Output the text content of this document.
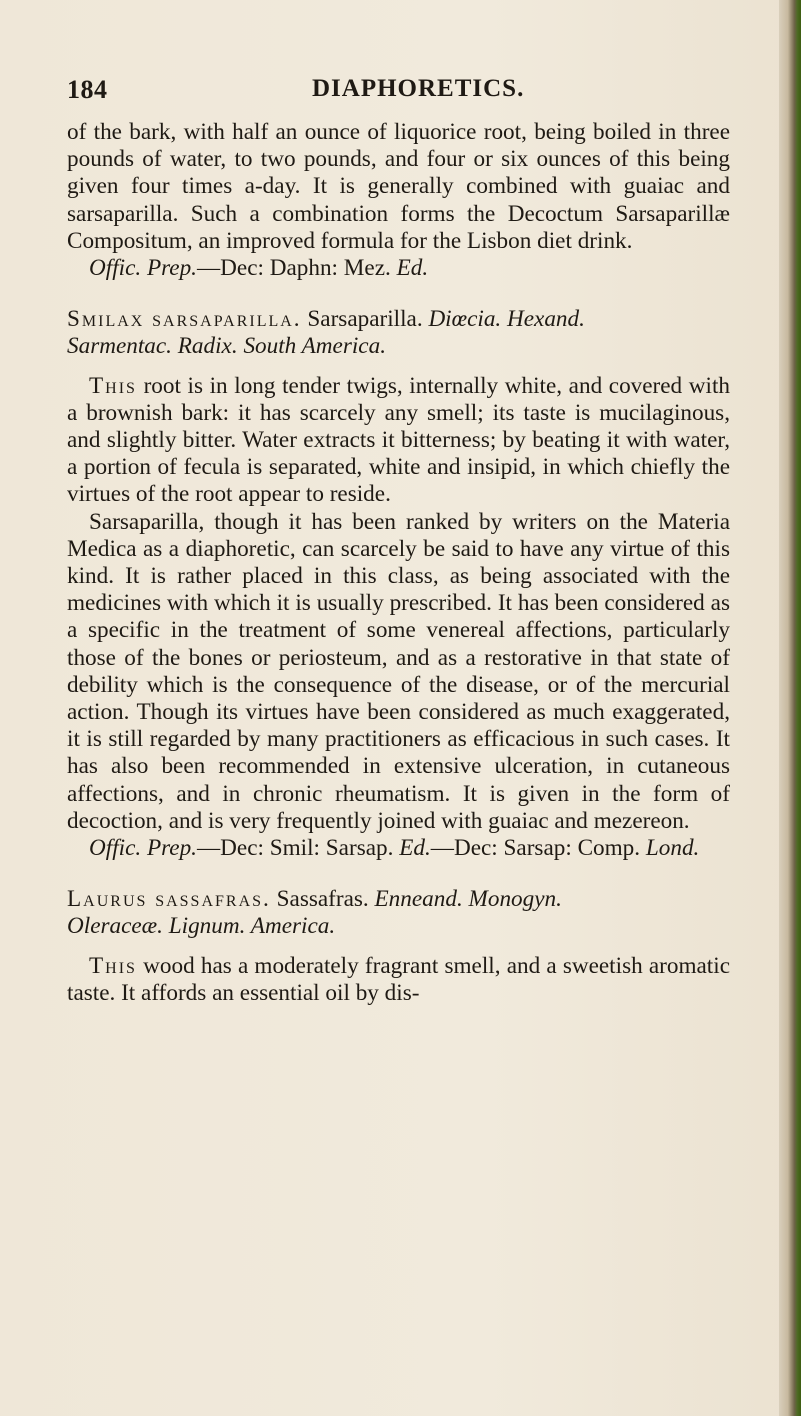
184	DIAPHORETICS.

of the bark, with half an ounce of liquorice root, being boiled in three pounds of water, to two pounds, and four or six ounces of this being given four times a-day. It is generally combined with guaiac and sarsaparilla. Such a combination forms the Decoctum Sarsaparillæ Compositum, an improved formula for the Lisbon diet drink.

Offic. Prep.—Dec: Daphn: Mez. Ed.

Smilax sarsaparilla. Sarsaparilla. Diœcia. Hexand.

Sarmentac. Radix. South America.

This root is in long tender twigs, internally white, and covered with a brownish bark: it has scarcely any smell; its taste is mucilaginous, and slightly bitter. Water extracts it bitterness; by beating it with water, a portion of fecula is separated, white and insipid, in which chiefly the virtues of the root appear to reside.

Sarsaparilla, though it has been ranked by writers on the Materia Medica as a diaphoretic, can scarcely be said to have any virtue of this kind. It is rather placed in this class, as being associated with the medicines with which it is usually prescribed. It has been considered as a specific in the treatment of some venereal affections, particularly those of the bones or periosteum, and as a restorative in that state of debility which is the consequence of the disease, or of the mercurial action. Though its virtues have been considered as much exaggerated, it is still regarded by many practitioners as efficacious in such cases. It has also been recommended in extensive ulceration, in cutaneous affections, and in chronic rheumatism. It is given in the form of decoction, and is very frequently joined with guaiac and mezereon.

Offic. Prep.—Dec: Smil: Sarsap. Ed.—Dec: Sarsap: Comp. Lond.

Laurus sassafras. Sassafras. Enneand. Monogyn.

Oleraceæ. Lignum. America.

This wood has a moderately fragrant smell, and a sweetish aromatic taste. It affords an essential oil by dis-
